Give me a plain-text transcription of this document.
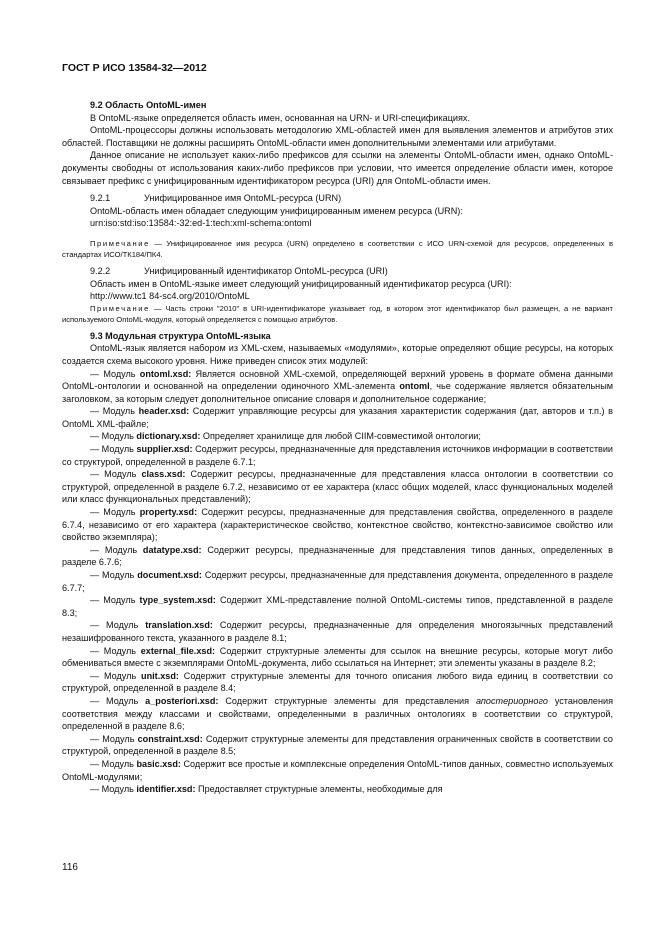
ГОСТ Р ИСО 13584-32—2012

9.2 Область OntoML-имен

В OntoML-языке определяется область имен, основанная на URN- и URI-спецификациях.

OntoML-процессоры должны использовать методологию XML-областей имен для выявления элементов и атрибутов этих областей. Поставщики не должны расширять OntoML-области имен дополнительными элементами или атрибутами.

Данное описание не использует каких-либо префиксов для ссылки на элементы OntoML-области имен, однако OntoML-документы свободны от использования каких-либо префиксов при условии, что имеется определение области имен, которое связывает префикс с унифицированным идентификатором ресурса (URI) для OntoML-области имен.

9.2.1	Унифицированное имя OntoML-ресурса (URN)

OntoML-область имен обладает следующим унифицированным именем ресурса (URN):

urn:iso:std:iso:13584:-32:ed-1:tech:xml-schema:ontoml

Примечание — Унифицированное имя ресурса (URN) определено в соответствии с ИСО URN-схемой для ресурсов, определенных в стандартах ИСО/ТК184/ПК4.

9.2.2	Унифицированный идентификатор OntoML-ресурса (URI)

Область имен в OntoML-языке имеет следующий унифицированный идентификатор ресурса (URI):

http://www.tc1 84-sc4.org/2010/OntoML

Примечание — Часть строки "2010" в URI-идентификаторе указывает год, в котором этот идентификатор был размещен, а не вариант используемого OntoML-модуля, который определяется с помощью атрибутов.

9.3 Модульная структура OntoML-языка

OntoML-язык является набором из XML-схем, называемых «модулями», которые определяют общие ресурсы, на которых создается схема высокого уровня. Ниже приведен список этих модулей:

— Модуль ontoml.xsd: Является основной XML-схемой, определяющей верхний уровень в формате обмена данными OntoML-онтологии и основанной на определении одиночного XML-элемента ontoml, чье содержание является обязательным заголовком, за которым следует дополнительное описание словаря и дополнительное содержание;

— Модуль header.xsd: Содержит управляющие ресурсы для указания характеристик содержания (дат, авторов и т.п.) в OntoML XML-файле;

— Модуль dictionary.xsd: Определяет хранилище для любой CIIM-совместимой онтологии;

— Модуль supplier.xsd: Содержит ресурсы, предназначенные для представления источников информации в соответствии со структурой, определенной в разделе 6.7.1;

— Модуль class.xsd: Содержит ресурсы, предназначенные для представления класса онтологии в соответствии со структурой, определенной в разделе 6.7.2, независимо от ее характера (класс общих моделей, класс функциональных моделей или класс функциональных представлений);

— Модуль property.xsd: Содержит ресурсы, предназначенные для представления свойства, определенного в разделе 6.7.4, независимо от его характера (характеристическое свойство, контекстное свойство, контекстно-зависимое свойство или свойство экземпляра);

— Модуль datatype.xsd: Содержит ресурсы, предназначенные для представления типов данных, определенных в разделе 6.7.6;

— Модуль document.xsd: Содержит ресурсы, предназначенные для представления документа, определенного в разделе 6.7.7;

— Модуль type_system.xsd: Содержит XML-представление полной OntoML-системы типов, представленной в разделе 8.3;

— Модуль translation.xsd: Содержит ресурсы, предназначенные для определения многоязычных представлений незашифрованного текста, указанного в разделе 8.1;

— Модуль external_file.xsd: Содержит структурные элементы для ссылок на внешние ресурсы, которые могут либо обмениваться вместе с экземплярами OntoML-документа, либо ссылаться на Интернет; эти элементы указаны в разделе 8.2;

— Модуль unit.xsd: Содержит структурные элементы для точного описания любого вида единиц в соответствии со структурой, определенной в разделе 8.4;

— Модуль a_posteriori.xsd: Содержит структурные элементы для представления апостериорного установления соответствия между классами и свойствами, определенными в различных онтологиях в соответствии со структурой, определенной в разделе 8.6;

— Модуль constraint.xsd: Содержит структурные элементы для представления ограниченных свойств в соответствии со структурой, определенной в разделе 8.5;

— Модуль basic.xsd: Содержит все простые и комплексные определения OntoML-типов данных, совместно используемых OntoML-модулями;

— Модуль identifier.xsd: Предоставляет структурные элементы, необходимые для

116
